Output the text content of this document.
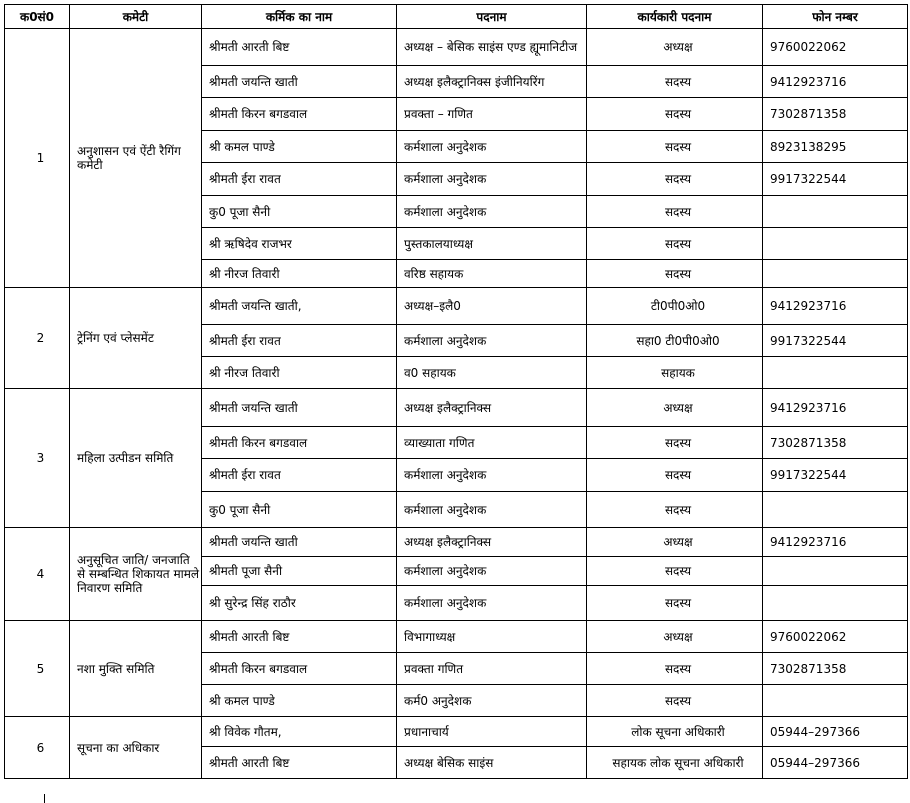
क0सं0	कमेटी	कर्मिक का नाम	पदनाम	कार्यकारी पदनाम	फोन नम्बर
1	अनुशासन एवं ऐंटी रैगिंग कमेटी	श्रीमती आरती बिष्ट	अध्यक्ष – बेसिक साइंस एण्ड ह्यूमानिटीज	अध्यक्ष	9760022062
		श्रीमती जयन्ति खाती	अध्यक्ष इलैक्ट्रानिक्स इंजीनियरिंग	सदस्य	9412923716
		श्रीमती किरन बगडवाल	प्रवक्ता – गणित	सदस्य	7302871358
		श्री कमल पाण्डे	कर्मशाला अनुदेशक	सदस्य	8923138295
		श्रीमती ईरा रावत	कर्मशाला अनुदेशक	सदस्य	9917322544
		कु0 पूजा सैनी	कर्मशाला अनुदेशक	सदस्य	
		श्री ऋषिदेव राजभर	पुस्तकालयाध्यक्ष	सदस्य	
		श्री नीरज तिवारी	वरिष्ठ सहायक	सदस्य	
2	ट्रेनिंग एवं प्लेसमेंट	श्रीमती जयन्ति खाती,	अध्यक्ष–इलै0	टी0पी0ओ0	9412923716
		श्रीमती ईरा रावत	कर्मशाला अनुदेशक	सहा0 टी0पी0ओ0	9917322544
		श्री नीरज तिवारी	व0 सहायक	सहायक	
3	महिला उत्पीडन समिति	श्रीमती जयन्ति खाती	अध्यक्ष इलैक्ट्रानिक्स	अध्यक्ष	9412923716
		श्रीमती किरन बगडवाल	व्याख्याता गणित	सदस्य	7302871358
		श्रीमती ईरा रावत	कर्मशाला अनुदेशक	सदस्य	9917322544
		कु0 पूजा सैनी	कर्मशाला अनुदेशक	सदस्य	
4	अनुसूचित जाति/ जनजाति से सम्बन्धित शिकायत मामले निवारण समिति	श्रीमती जयन्ति खाती	अध्यक्ष इलैक्ट्रानिक्स	अध्यक्ष	9412923716
		श्रीमती पूजा सैनी	कर्मशाला अनुदेशक	सदस्य	
		श्री सुरेन्द्र सिंह राठौर	कर्मशाला अनुदेशक	सदस्य	
5	नशा मुक्ति समिति	श्रीमती आरती बिष्ट	विभागाध्यक्ष	अध्यक्ष	9760022062
		श्रीमती किरन बगडवाल	प्रवक्ता गणित	सदस्य	7302871358
		श्री कमल पाण्डे	कर्म0 अनुदेशक	सदस्य	
6	सूचना का अधिकार	श्री विवेक गौतम,	प्रधानाचार्य	लोक सूचना अधिकारी	05944–297366
		श्रीमती आरती बिष्ट	अध्यक्ष बेसिक साइंस	सहायक लोक सूचना अधिकारी	05944–297366
